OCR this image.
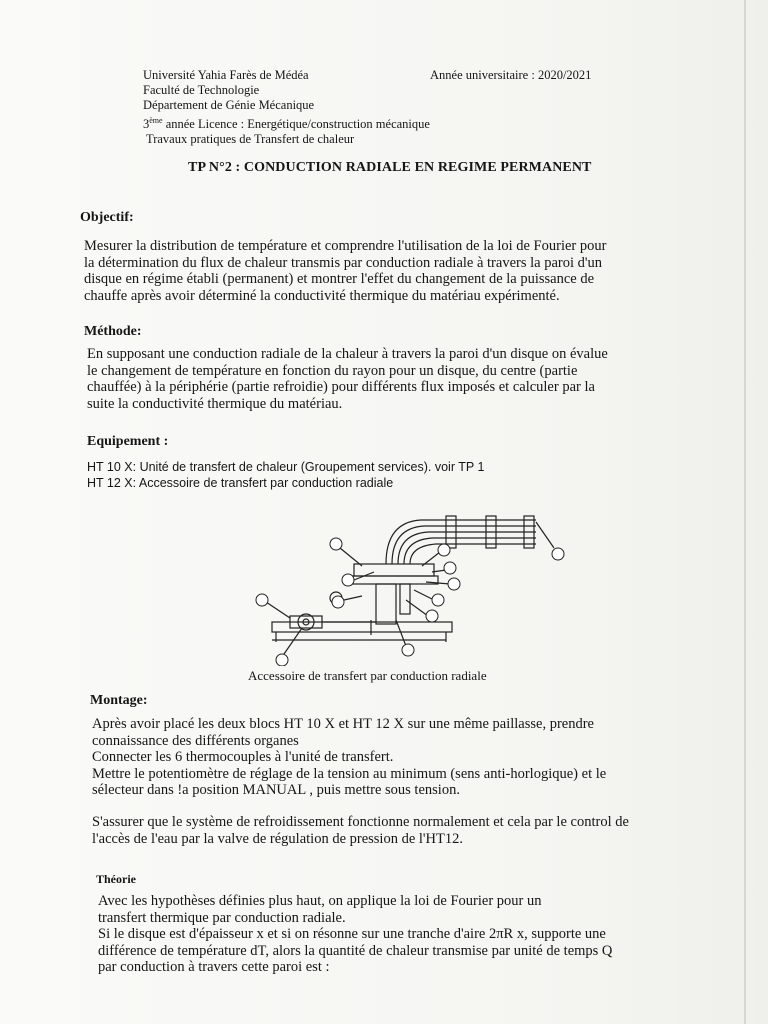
Université Yahia Farès de Médéa
Faculté de Technologie
Département de Génie Mécanique
3ème année Licence : Energétique/construction mécanique
Travaux pratiques de Transfert de chaleur
Année universitaire : 2020/2021
TP N°2 : CONDUCTION RADIALE EN REGIME PERMANENT
Objectif:
Mesurer la distribution de température et comprendre l'utilisation de la loi de Fourier pour
la détermination du flux de chaleur transmis par conduction radiale à travers la paroi d'un
disque en régime établi (permanent) et montrer l'effet du changement de la puissance de
chauffe après avoir déterminé la conductivité thermique du matériau expérimenté.
Méthode:
En supposant une conduction radiale de la chaleur à travers la paroi d'un disque on évalue
le changement de température en fonction du rayon pour un disque, du centre (partie
chauffée) à la périphérie (partie refroidie) pour différents flux imposés et calculer par la
suite la conductivité thermique du matériau.
Equipement :
HT 10 X: Unité de transfert de chaleur (Groupement services). voir TP 1
HT 12 X: Accessoire de transfert par conduction radiale
Accessoire de transfert par conduction radiale
Montage:
Après avoir placé les deux blocs HT 10 X et HT 12 X sur une même paillasse, prendre
connaissance des différents organes
Connecter les 6 thermocouples à l'unité de transfert.
Mettre le potentiomètre de réglage de la tension au minimum (sens anti-horlogique) et le
sélecteur dans !a position MANUAL , puis mettre sous tension.
S'assurer que le système de refroidissement fonctionne normalement et cela par le control de
l'accès de l'eau par la valve de régulation de pression de l'HT12.
Théorie
Avec les hypothèses définies plus haut, on applique la loi de Fourier pour un
transfert thermique par conduction radiale.
Si le disque est d'épaisseur x et si on résonne sur une tranche d'aire 2πR x, supporte une
différence de température dT, alors la quantité de chaleur transmise par unité de temps Q
par conduction à travers cette paroi est :
